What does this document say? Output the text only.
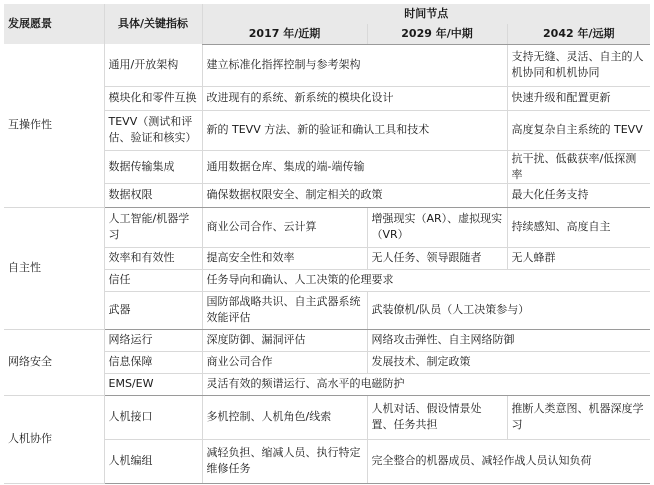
发展愿景	具体/关键指标	时间节点		
		2017 年/近期	2029 年/中期	2042 年/远期
互操作性	通用/开放架构	建立标准化指挥控制与参考架构		支持无缝、灵活、自主的人机协同和机机协同
	模块化和零件互换	改进现有的系统、新系统的模块化设计		快速升级和配置更新
	TEVV（测试和评估、验证和核实）	新的 TEVV 方法、新的验证和确认工具和技术		高度复杂自主系统的 TEVV
	数据传输集成	通用数据仓库、集成的端-端传输		抗干扰、低截获率/低探测率
	数据权限	确保数据权限安全、制定相关的政策		最大化任务支持
自主性	人工智能/机器学习	商业公司合作、云计算	增强现实（AR）、虚拟现实（VR）	持续感知、高度自主
	效率和有效性	提高安全性和效率	无人任务、领导跟随者	无人蜂群
	信任	任务导向和确认、人工决策的伦理要求		
	武器	国防部战略共识、自主武器系统效能评估	武装僚机/队员（人工决策参与）	
网络安全	网络运行	深度防御、漏洞评估	网络攻击弹性、自主网络防御	
	信息保障	商业公司合作	发展技术、制定政策	
	EMS/EW	灵活有效的频谱运行、高水平的电磁防护		
人机协作	人机接口	多机控制、人机角色/线索	人机对话、假设情景处置、任务共担	推断人类意图、机器深度学习
	人机编组	减轻负担、缩减人员、执行特定维修任务	完全整合的机器成员、减轻作战人员认知负荷	
